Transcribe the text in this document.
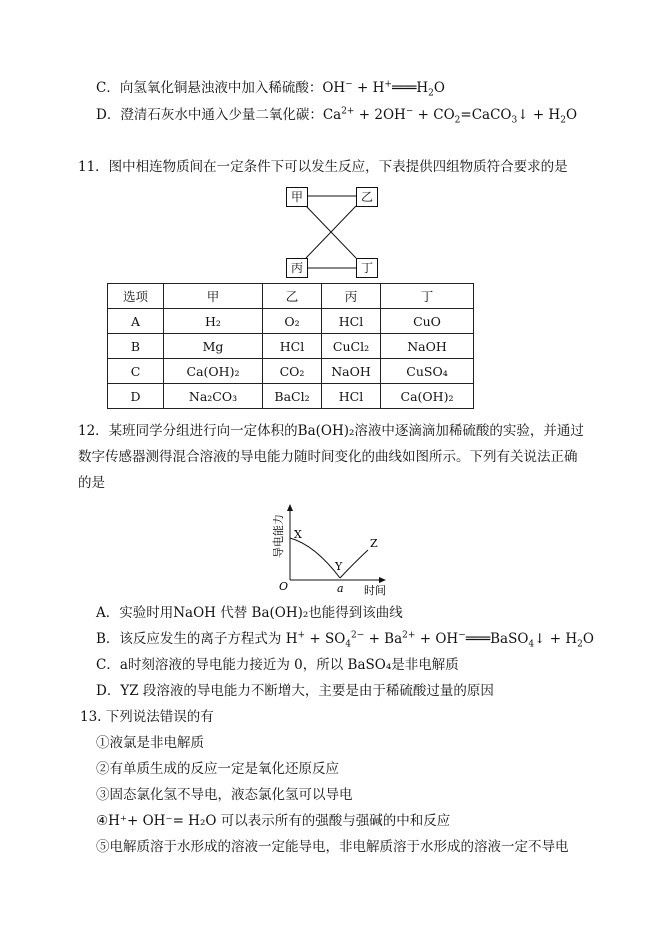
C．向氢氧化铜悬浊液中加入稀硫酸：$OH^- + H^+═══H_2O$
D．澄清石灰水中通入少量二氧化碳：$Ca^{2+} + 2OH^-$ + $CO_2=CaCO_3↓ + H_2O$
11．图中相连物质间在一定条件下可以发生反应，下表提供四组物质符合要求的是
甲	乙
丙	丁
选项	甲	乙	丙	丁
A	H₂	O₂	HCl	CuO
B	Mg	HCl	CuCl₂	NaOH
C	Ca(OH)₂	CO₂	NaOH	CuSO₄
D	Na₂CO₃	BaCl₂	HCl	Ca(OH)₂
12．某班同学分组进行向一定体积的Ba(OH)₂溶液中逐滴滴加稀硫酸的实验，并通过
数字传感器测得混合溶液的导电能力随时间变化的曲线如图所示。下列有关说法正确
的是
X
Y
Z
O	a 时间
导电能力
A．实验时用NaOH 代替 Ba(OH)₂也能得到该曲线
B．该反应发生的离子方程式为 $H^+ + SO_4^{2-} + Ba^{2+}$ + OH−═══BaSO$_4$↓ + $H_2O$
C．a时刻溶液的导电能力接近为 0，所以 BaSO₄是非电解质
D．YZ 段溶液的导电能力不断增大，主要是由于稀硫酸过量的原因
13. 下列说法错误的有
①液氯是非电解质
②有单质生成的反应一定是氧化还原反应
③固态氯化氢不导电，液态氯化氢可以导电
④H⁺+ OH⁻= H₂O 可以表示所有的强酸与强碱的中和反应
⑤电解质溶于水形成的溶液一定能导电，非电解质溶于水形成的溶液一定不导电
